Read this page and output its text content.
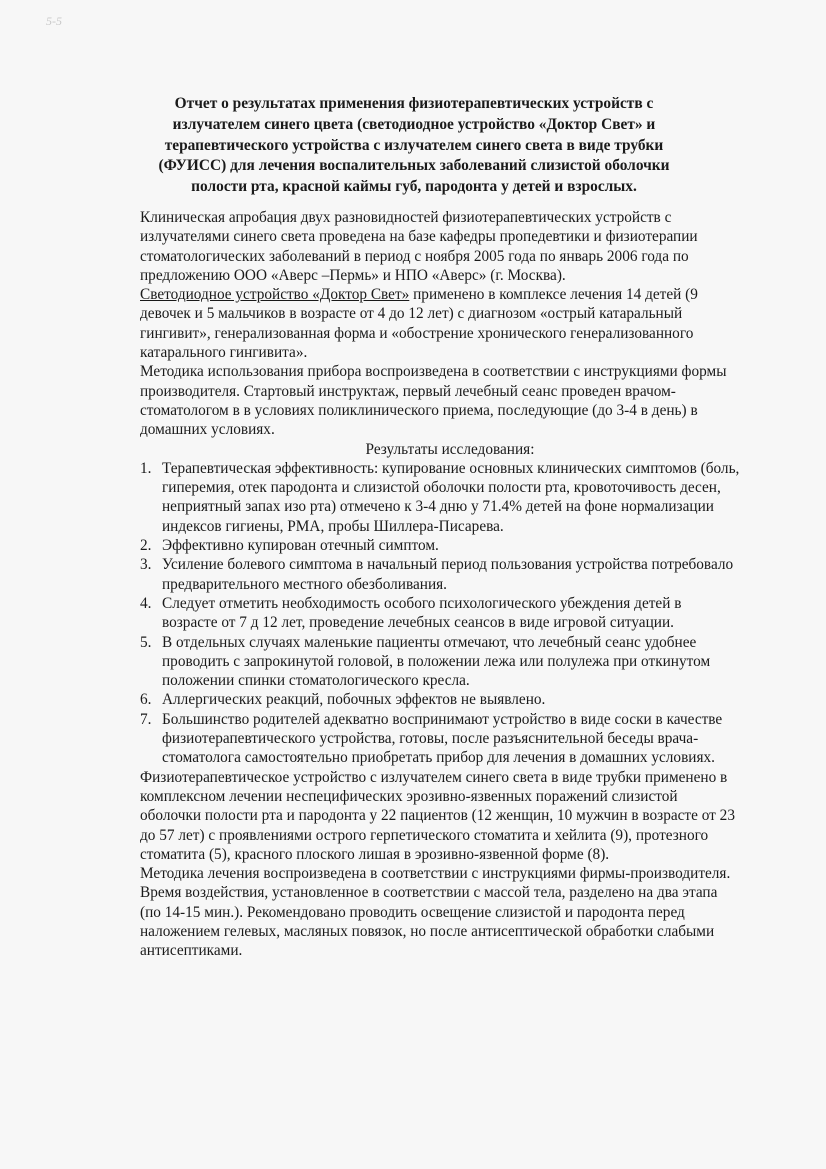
5-5
Отчет о результатах применения физиотерапевтических устройств с излучателем синего цвета (светодиодное устройство «Доктор Свет» и терапевтического устройства с излучателем синего света в виде трубки (ФУИСС) для лечения воспалительных заболеваний слизистой оболочки полости рта, красной каймы губ, пародонта у детей и взрослых.

Клиническая апробация двух разновидностей физиотерапевтических устройств с излучателями синего света проведена на базе кафедры пропедевтики и физиотерапии стоматологических заболеваний в период с ноября 2005 года по январь 2006 года по предложению ООО «Аверс –Пермь» и НПО «Аверс» (г. Москва).

Светодиодное устройство «Доктор Свет» применено в комплексе лечения 14 детей (9 девочек и 5 мальчиков в возрасте от 4 до 12 лет) с диагнозом «острый катаральный гингивит», генерализованная форма и «обострение хронического генерализованного катарального гингивита».

Методика использования прибора воспроизведена в соответствии с инструкциями формы производителя. Стартовый инструктаж, первый лечебный сеанс проведен врачом-стоматологом в в условиях поликлинического приема, последующие (до 3-4 в день) в домашних условиях.

Результаты исследования:

1. Терапевтическая эффективность: купирование основных клинических симптомов (боль, гиперемия, отек пародонта и слизистой оболочки полости рта, кровоточивость десен, неприятный запах изо рта) отмечено к 3-4 дню у 71.4% детей на фоне нормализации индексов гигиены, РМА, пробы Шиллера-Писарева.
2. Эффективно купирован отечный симптом.
3. Усиление болевого симптома в начальный период пользования устройства потребовало предварительного местного обезболивания.
4. Следует отметить необходимость особого психологического убеждения детей в возрасте от 7 д 12 лет, проведение лечебных сеансов в виде игровой ситуации.
5. В отдельных случаях маленькие пациенты отмечают, что лечебный сеанс удобнее проводить с запрокинутой головой, в положении лежа или полулежа при откинутом положении спинки стоматологического кресла.
6. Аллергических реакций, побочных эффектов не выявлено.
7. Большинство родителей адекватно воспринимают устройство в виде соски в качестве физиотерапевтического устройства, готовы, после разъяснительной беседы врача-стоматолога самостоятельно приобретать прибор для лечения в домашних условиях.

Физиотерапевтическое устройство с излучателем синего света в виде трубки применено в комплексном лечении неспецифических эрозивно-язвенных поражений слизистой оболочки полости рта и пародонта у 22 пациентов (12 женщин, 10 мужчин в возрасте от 23 до 57 лет) с проявлениями острого герпетического стоматита и хейлита (9), протезного стоматита (5), красного плоского лишая в эрозивно-язвенной форме (8).

Методика лечения воспроизведена в соответствии с инструкциями фирмы-производителя. Время воздействия, установленное в соответствии с массой тела, разделено на два этапа (по 14-15 мин.). Рекомендовано проводить освещение слизистой и пародонта перед наложением гелевых, масляных повязок, но после антисептической обработки слабыми антисептиками.
